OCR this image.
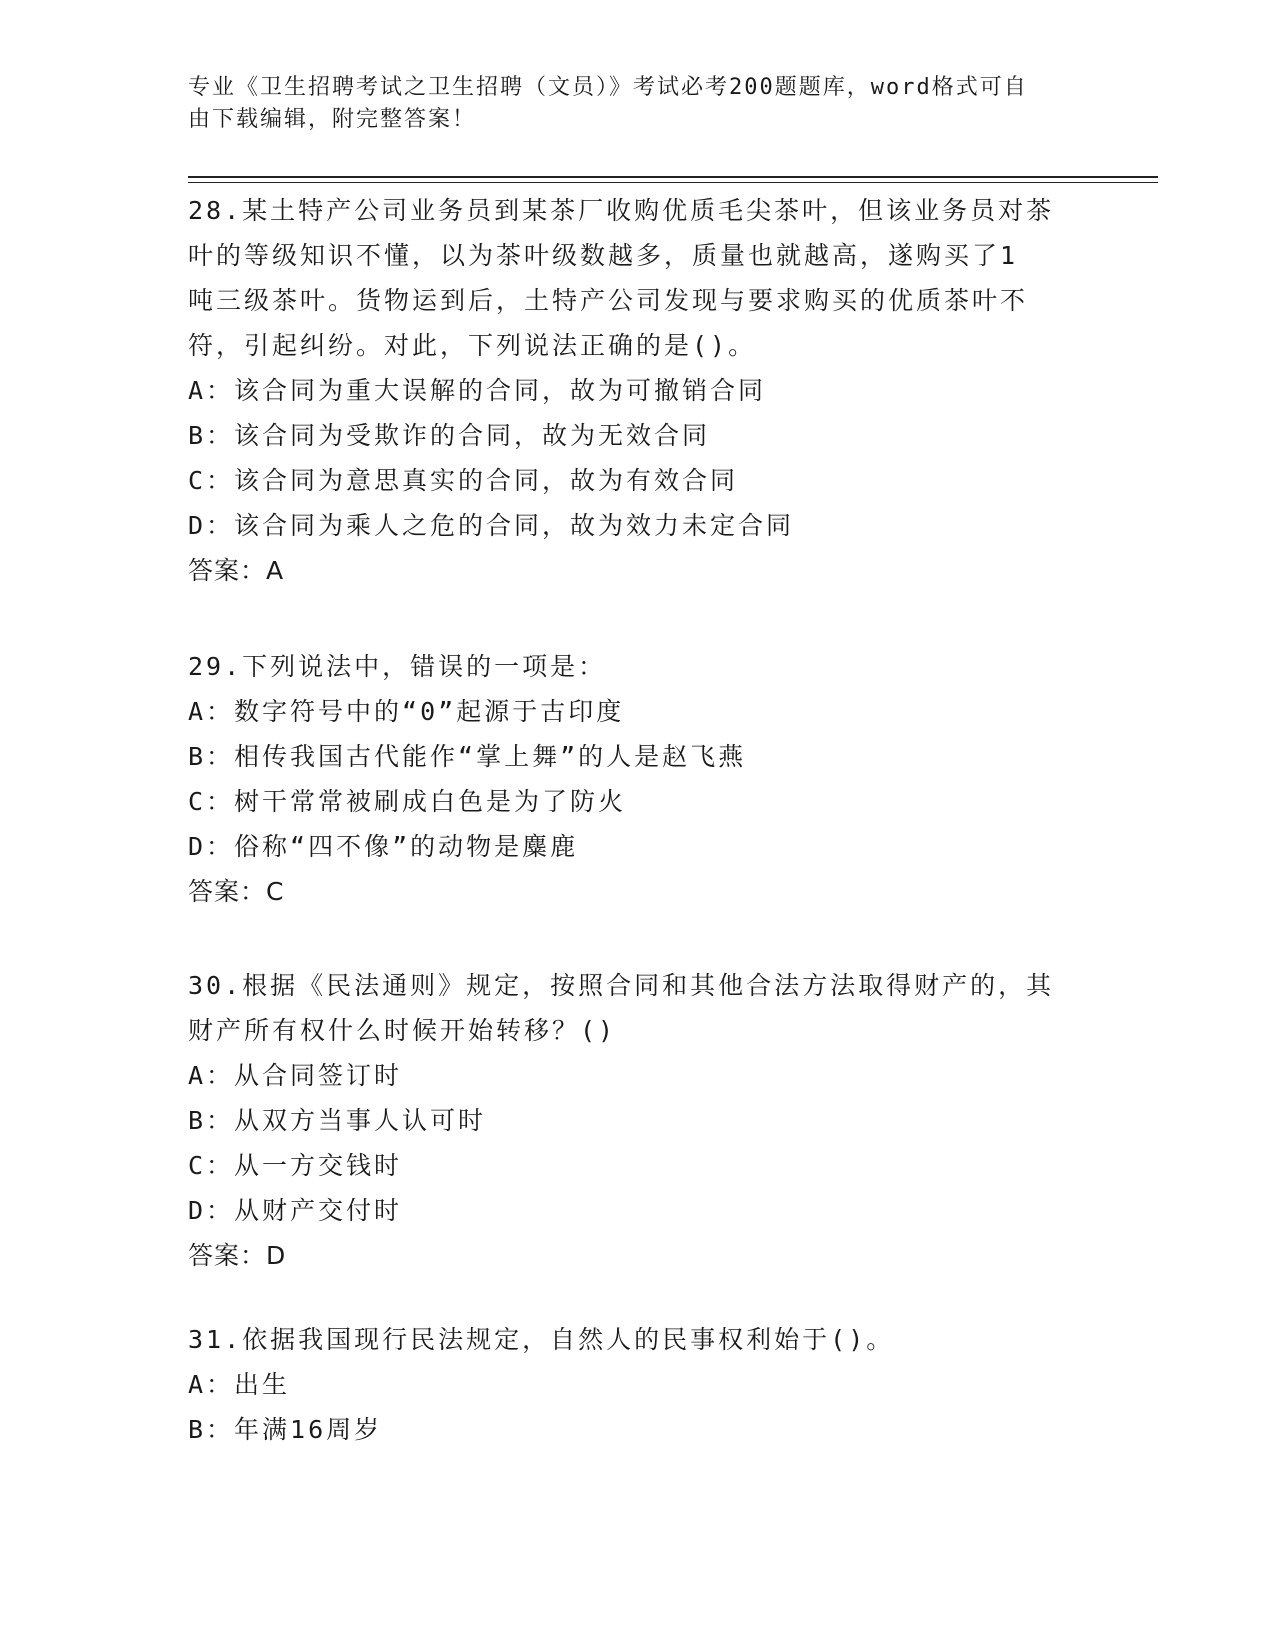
专业《卫生招聘考试之卫生招聘（文员）》考试必考200题题库，word格式可自
由下载编辑，附完整答案！
28.某土特产公司业务员到某茶厂收购优质毛尖茶叶，但该业务员对茶
叶的等级知识不懂，以为茶叶级数越多，质量也就越高，遂购买了1
吨三级茶叶。货物运到后，土特产公司发现与要求购买的优质茶叶不
符，引起纠纷。对此，下列说法正确的是()。
A：该合同为重大误解的合同，故为可撤销合同
B：该合同为受欺诈的合同，故为无效合同
C：该合同为意思真实的合同，故为有效合同
D：该合同为乘人之危的合同，故为效力未定合同
答案：A
29.下列说法中，错误的一项是：
A：数字符号中的“0”起源于古印度
B：相传我国古代能作“掌上舞”的人是赵飞燕
C：树干常常被刷成白色是为了防火
D：俗称“四不像”的动物是麋鹿
答案：C
30.根据《民法通则》规定，按照合同和其他合法方法取得财产的，其
财产所有权什么时候开始转移？()
A：从合同签订时
B：从双方当事人认可时
C：从一方交钱时
D：从财产交付时
答案：D
31.依据我国现行民法规定，自然人的民事权利始于()。
A：出生
B：年满16周岁
